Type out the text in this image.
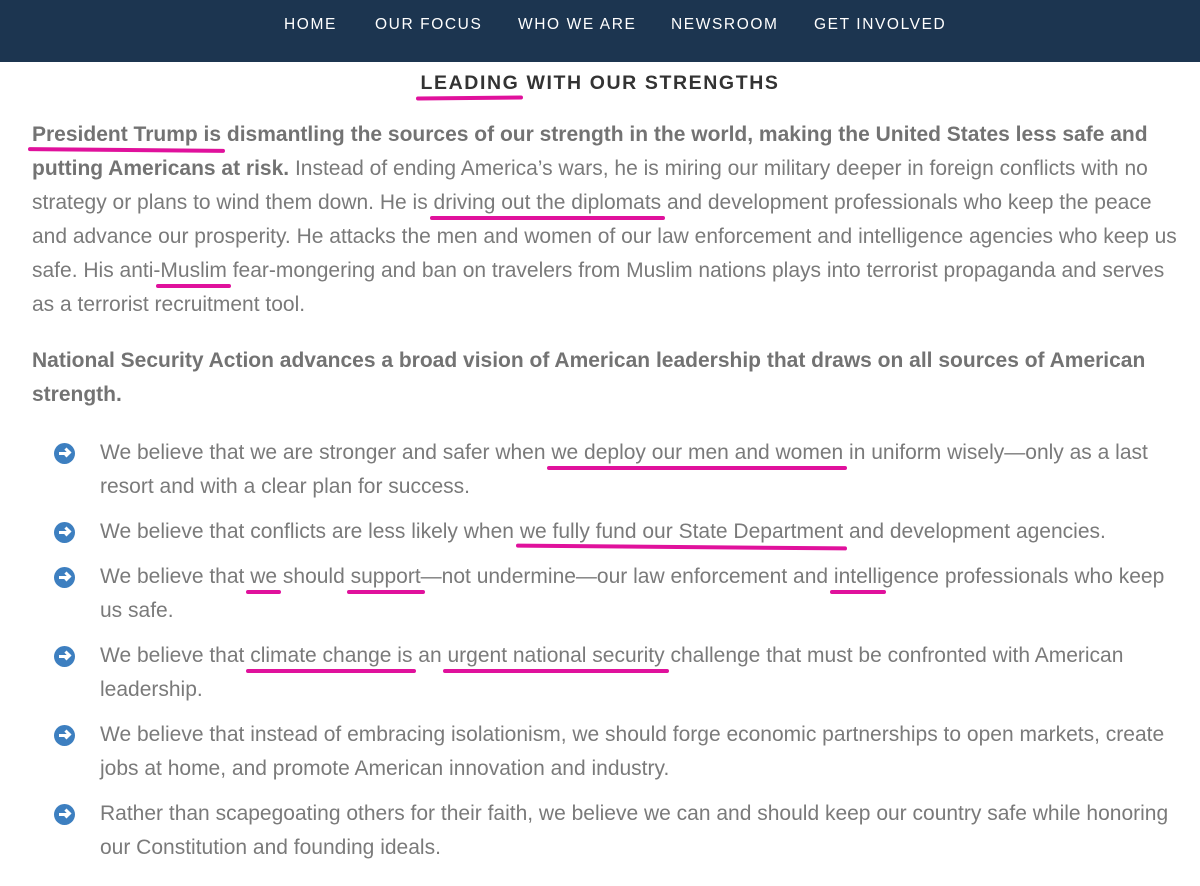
HOME OUR FOCUS WHO WE ARE NEWSROOM GET INVOLVED
LEADING
WITH OUR STRENGTHS

President Trump is
dismantling the sources of our strength in the world, making the United States less safe and putting Americans at risk. Instead of ending America’s wars, he is miring our military deeper in foreign conflicts with no strategy or plans to wind them down. He is driving out the diplomats
and development professionals who keep the peace and advance our prosperity. He attacks the men and women of our law enforcement and intelligence agencies who keep us safe. His anti-Muslim
fear-mongering and ban on travelers from Muslim nations plays into terrorist propaganda and serves as a terrorist recruitment tool.

National Security Action advances a broad vision of American leadership that draws on all sources of American strength.

We believe that we are stronger and safer when we deploy our men and women
in uniform wisely—only as a last resort and with a clear plan for success.
We believe that conflicts are less likely when we fully fund our State Department
and development agencies.
We believe that we
should support
—not undermine—our law enforcement and intelli
gence professionals who keep us safe.
We believe that climate change is
an urgent national security
challenge that must be confronted with American leadership.
We believe that instead of embracing isolationism, we should forge economic partnerships to open markets, create jobs at home, and promote American innovation and industry.
Rather than scapegoating others for their faith, we believe we can and should keep our country safe while honoring our Constitution and founding ideals.
